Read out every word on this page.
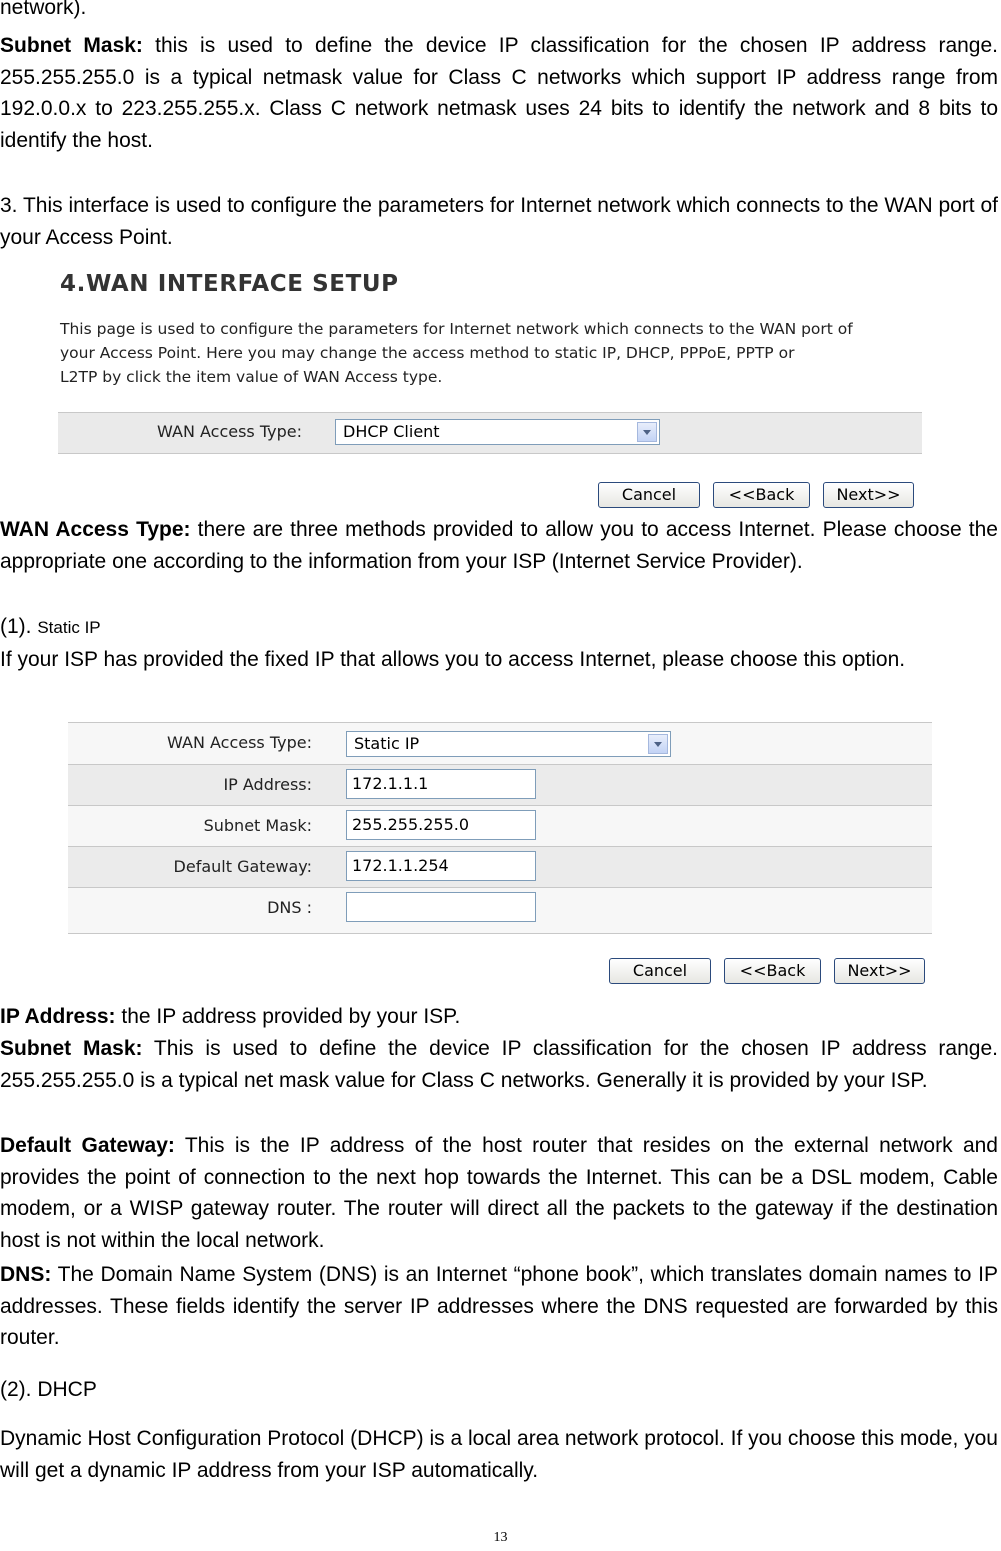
network).

Subnet Mask: this is used to define the device IP classification for the chosen IP address range. 255.255.255.0 is a typical netmask value for Class C networks which support IP address range from 192.0.0.x to 223.255.255.x. Class C network netmask uses 24 bits to identify the network and 8 bits to identify the host.

3. This interface is used to configure the parameters for Internet network which connects to the WAN port of your Access Point.

4.WAN INTERFACE SETUP
This page is used to configure the parameters for Internet network which connects to the WAN port of
your Access Point. Here you may change the access method to static IP, DHCP, PPPoE, PPTP or
L2TP by click the item value of WAN Access type.
WAN Access Type:	DHCP Client
Cancel	<<Back	Next>>

WAN Access Type: there are three methods provided to allow you to access Internet. Please choose the appropriate one according to the information from your ISP (Internet Service Provider).

(1). Static IP

If your ISP has provided the fixed IP that allows you to access Internet, please choose this option.

WAN Access Type:	Static IP
IP Address:	172.1.1.1
Subnet Mask:	255.255.255.0
Default Gateway:	172.1.1.254
DNS :
Cancel	<<Back	Next>>

IP Address: the IP address provided by your ISP.

Subnet Mask: This is used to define the device IP classification for the chosen IP address range. 255.255.255.0 is a typical net mask value for Class C networks. Generally it is provided by your ISP.

Default Gateway: This is the IP address of the host router that resides on the external network and provides the point of connection to the next hop towards the Internet. This can be a DSL modem, Cable modem, or a WISP gateway router. The router will direct all the packets to the gateway if the destination host is not within the local network.

DNS: The Domain Name System (DNS) is an Internet “phone book”, which translates domain names to IP addresses. These fields identify the server IP addresses where the DNS requested are forwarded by this router.

(2). DHCP

Dynamic Host Configuration Protocol (DHCP) is a local area network protocol. If you choose this mode, you will get a dynamic IP address from your ISP automatically.

13
